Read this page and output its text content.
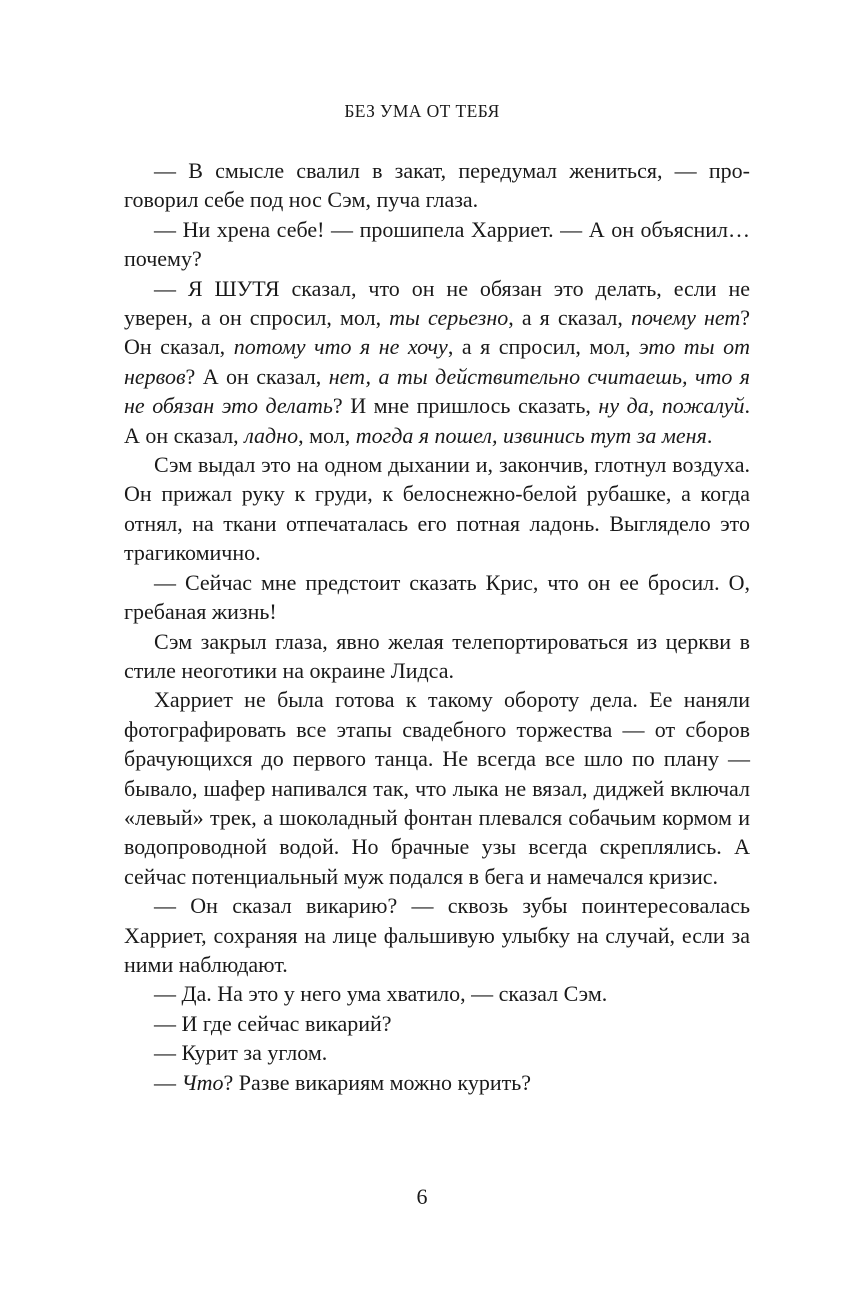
БЕЗ УМА ОТ ТЕБЯ

— В смысле свалил в закат, передумал жениться, — проговорил себе под нос Сэм, пуча глаза.

— Ни хрена себе! — прошипела Харриет. — А он объяснил… почему?

— Я ШУТЯ сказал, что он не обязан это делать, если не уверен, а он спросил, мол, ты серьезно, а я сказал, почему нет? Он сказал, потому что я не хочу, а я спросил, мол, это ты от нервов? А он сказал, нет, а ты действительно считаешь, что я не обязан это делать? И мне пришлось сказать, ну да, пожалуй. А он сказал, ладно, мол, тогда я пошел, извинись тут за меня.

Сэм выдал это на одном дыхании и, закончив, глотнул воздуха. Он прижал руку к груди, к белоснежно-белой рубашке, а когда отнял, на ткани отпечаталась его потная ладонь. Выглядело это трагикомично.

— Сейчас мне предстоит сказать Крис, что он ее бросил. О, гребаная жизнь!

Сэм закрыл глаза, явно желая телепортироваться из церкви в стиле неоготики на окраине Лидса.

Харриет не была готова к такому обороту дела. Ее наняли фотографировать все этапы свадебного торжества — от сборов брачующихся до первого танца. Не всегда все шло по плану — бывало, шафер напивался так, что лыка не вязал, диджей включал «левый» трек, а шоколадный фонтан плевался собачьим кормом и водопроводной водой. Но брачные узы всегда скреплялись. А сейчас потенциальный муж подался в бега и намечался кризис.

— Он сказал викарию? — сквозь зубы поинтересовалась Харриет, сохраняя на лице фальшивую улыбку на случай, если за ними наблюдают.

— Да. На это у него ума хватило, — сказал Сэм.

— И где сейчас викарий?

— Курит за углом.

— Что? Разве викариям можно курить?

6
